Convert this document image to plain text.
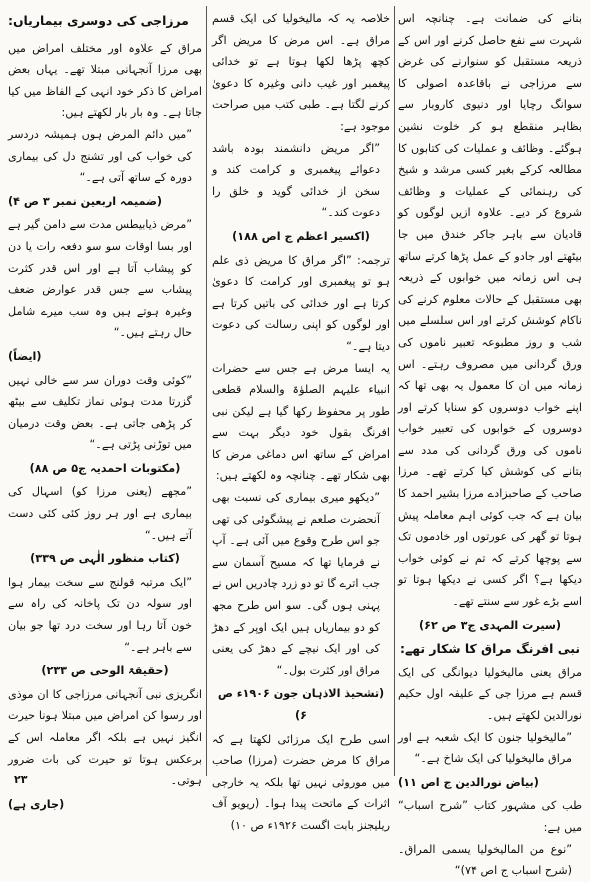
بنانے کی ضمانت ہے۔ چنانچہ اس شہرت سے نفع حاصل کرنے اور اس کے ذریعہ مستقبل کو سنوارنے کی غرض سے مرزاجی نے باقاعدہ اصولی کا سوانگ رچایا اور دنیوی کاروبار سے بظاہر منقطع ہو کر خلوت نشین ہوگئے۔ وظائف و عملیات کی کتابوں کا مطالعہ کرکے بغیر کسی مرشد و شیخ کی رہنمائی کے عملیات و وظائف شروع کر دیے۔ علاوہ ازیں لوگوں کو قادیان سے باہر جاکر خندق میں جا بیٹھتے اور جادو کے عمل پڑھا کرتے ساتھ ہی اس زمانہ میں خوابوں کے ذریعہ بھی مستقبل کے حالات معلوم کرنے کی ناکام کوشش کرتے اور اس سلسلے میں شب و روز مطبوعہ تعبیر ناموں کی ورق گردانی میں مصروف رہتے۔ اس زمانہ میں ان کا معمول یہ بھی تھا کہ اپنے خواب دوسروں کو سنایا کرتے اور دوسروں کے خوابوں کی تعبیر خواب ناموں کی ورق گردانی کی مدد سے بتانے کی کوشش کیا کرتے تھے۔ مرزا صاحب کے صاحبزادے مرزا بشیر احمد کا بیان ہے کہ جب کوئی اہم معاملہ پیش ہوتا تو گھر کی عورتوں اور خادموں تک سے پوچھا کرتے کہ تم نے کوئی خواب دیکھا ہے؟ اگر کسی نے دیکھا ہوتا تو اسے بڑے غور سے سنتے تھے۔

(سیرت المہدی ج۳ ص ۶۲)

نبی افرنگ مراق کا شکار تھے:

مراق یعنی مالیخولیا دیوانگی کی ایک قسم ہے مرزا جی کے علیفہ اول حکیم نورالدین لکھتے ہیں۔

”مالیخولیا جنون کا ایک شعبہ ہے اور مراق مالیخولیا کی ایک شاخ ہے۔“

(بیاض نورالدین ج اص ۱۱)

طب کی مشہور کتاب ”شرح اسباب“ میں ہے:

”نوع من المالیخولیا یسمی المراق۔ (شرح اسباب ج اص ۷۴)“

خلاصہ یہ کہ مالیخولیا کی ایک قسم مراق ہے۔ اس مرض کا مریض اگر کچھ پڑھا لکھا ہوتا ہے تو خدائی پیغمبر اور غیب دانی وغیرہ کا دعویٰ کرنے لگتا ہے۔ طبی کتب میں صراحت موجود ہے:

”اگر مریض دانشمند بودہ باشد دعوائے پیغمبری و کرامت کند و سخن از خدائی گوید و خلق را دعوت کند۔“

(اکسیر اعظم ج اص ۱۸۸)

ترجمہ: ”اگر مراق کا مریض ذی علم ہو تو پیغمبری اور کرامت کا دعویٰ کرتا ہے اور خدائی کی باتیں کرتا ہے اور لوگوں کو اپنی رسالت کی دعوت دیتا ہے۔“

یہ ایسا مرض ہے جس سے حضرات انبیاء علیہم الصلوٰۃ والسلام قطعی طور پر محفوظ رکھا گیا ہے لیکن نبی افرنگ بقول خود دیگر بہت سے امراض کے ساتھ اس دماغی مرض کا بھی شکار تھے۔ چنانچہ وہ لکھتے ہیں:

”دیکھو میری بیماری کی نسبت بھی آنحضرت صلعم نے پیشگوئی کی تھی جو اس طرح وقوع میں آئی ہے۔ آپ نے فرمایا تھا کہ مسیح آسمان سے جب اترے گا تو دو زرد چادریں اس نے پہنی ہوں گی۔ سو اس طرح مجھ کو دو بیماریاں ہیں ایک اوپر کے دھڑ کی اور ایک نیچے کے دھڑ کی یعنی مراق اور کثرت بول۔“

(تشحیذ الاذہان جون ۱۹۰۶ء ص ۶)

اسی طرح ایک مرزائی لکھتا ہے کہ مراق کا مرض حضرت (مرزا) صاحب میں موروثی نہیں تھا بلکہ یہ خارجی اثرات کے ماتحت پیدا ہوا۔ (ریویو آف ریلیجنز بابت اگست ۱۹۲۶ء ص ۱۰)

مرزاجی کی دوسری بیماریاں:

مراق کے علاوہ اور مختلف امراض میں بھی مرزا آنجہانی مبتلا تھے۔ یہاں بعض امراض کا ذکر خود انہی کے الفاظ میں کیا جاتا ہے۔ وہ بار بار لکھتے ہیں:

”میں دائم المرض ہوں ہمیشہ دردسر کی خواب کی اور تشنج دل کی بیماری دورہ کے ساتھ آتی ہے۔“

(ضمیمہ اربعین نمبر ۳ ص ۴)

”مرض ذیابیطس مدت سے دامن گیر ہے اور بسا اوقات سو سو دفعہ رات یا دن کو پیشاب آتا ہے اور اس قدر کثرت پیشاب سے جس قدر عوارض ضعف وغیرہ ہوتے ہیں وہ سب میرے شامل حال رہتے ہیں۔“

(ایضاً)

”کوئی وقت دوران سر سے خالی نہیں گزرتا مدت ہوئی نماز تکلیف سے بیٹھ کر پڑھی جاتی ہے۔ بعض وقت درمیان میں توڑنی پڑتی ہے۔“

(مکتوبات احمدیہ ج۵ ص ۸۸)

”مجھے (یعنی مرزا کو) اسہال کی بیماری ہے اور ہر روز کئی کئی دست آتے ہیں۔“

(کتاب منظور الٰہی ص ۳۳۹)

”ایک مرتبہ قولنج سے سخت بیمار ہوا اور سولہ دن تک پاخانہ کی راہ سے خون آتا رہا اور سخت درد تھا جو بیان سے باہر ہے۔“

(حقیقۃ الوحی ص ۲۳۳)

انگریزی نبی آنجہانی مرزاجی کا ان موذی اور رسوا کن امراض میں مبتلا ہونا حیرت انگیز نہیں ہے بلکہ اگر معاملہ اس کے برعکس ہوتا تو حیرت کی بات ضرور ہوتی۔

(جاری ہے)

۲۳
